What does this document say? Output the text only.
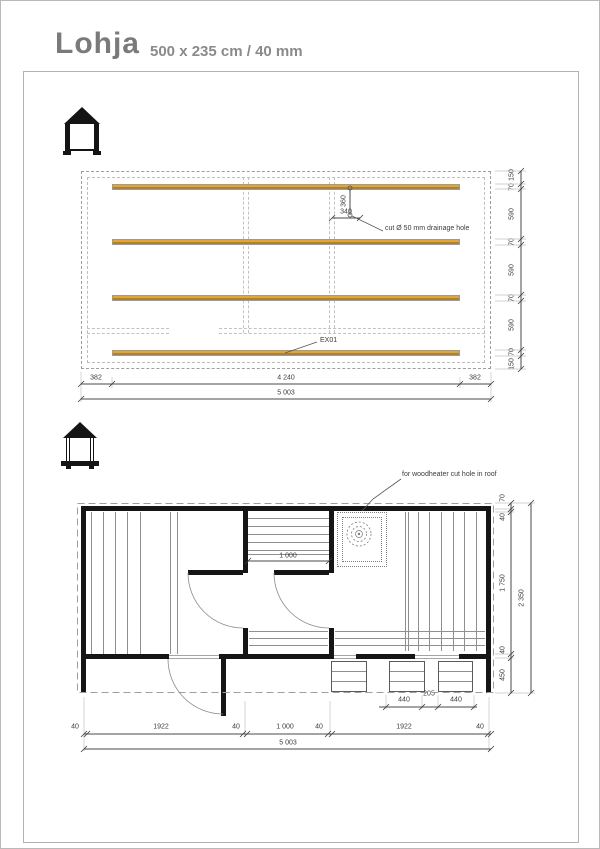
Lohja 500 x 235 cm / 40 mm
150
70
590
70
590
70
590
70
150
382	4 240	382
5 003
340
360
cut Ø 50 mm drainage hole
EX01
for woodheater cut hole in roof
1 000
70
40
1 750
40
450
2 350
40	1922	40	1 000	40	1922	40
5 003
440
205
440
